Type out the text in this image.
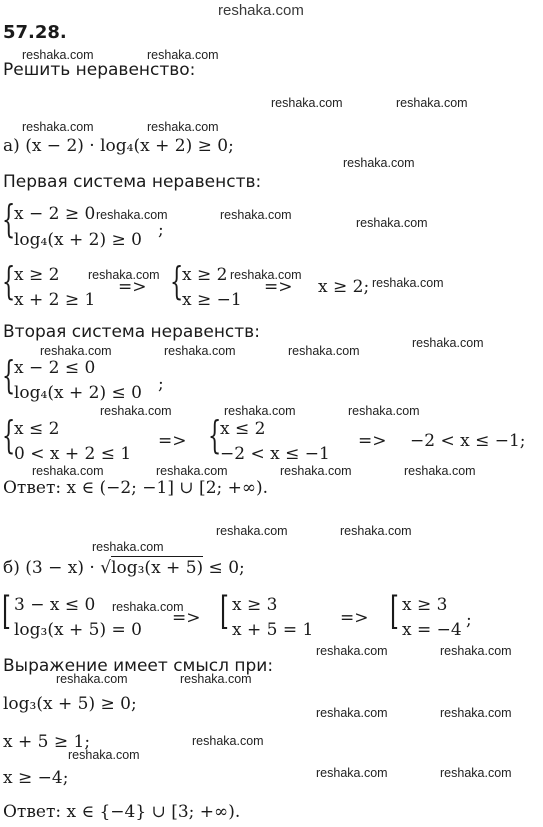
reshaka.com
57.28.
Решить неравенство:
а) (x − 2) · log₄(x + 2) ≥ 0;
Первая система неравенств:
{
x − 2 ≥ 0
log₄(x + 2) ≥ 0 ;
{
x ≥ 2
x + 2 ≥ 1
=> {
x ≥ 2
x ≥ −1
=> x ≥ 2;
Вторая система неравенств:
{
x − 2 ≤ 0
log₄(x + 2) ≤ 0 ;
{
x ≤ 2
0 < x + 2 ≤ 1
=> {
x ≤ 2
−2 < x ≤ −1
=> −2 < x ≤ −1;
Ответ: x ∈ (−2; −1] ∪ [2; +∞).
б) (3 − x) · √log₃(x + 5) ≤ 0;
[ 3 − x ≤ 0
log₃(x + 5) = 0
=> [ x ≥ 3
x + 5 = 1
=> [ x ≥ 3
x = −4 ;
Выражение имеет смысл при:
log₃(x + 5) ≥ 0;
x + 5 ≥ 1;
x ≥ −4;
Ответ: x ∈ {−4} ∪ [3; +∞).
reshaka.com	reshaka.com
reshaka.com	reshaka.com
reshaka.com	reshaka.com
reshaka.com
reshaka.com	reshaka.com
reshaka.com
reshaka.com	reshaka.com
reshaka.com
reshaka.com
reshaka.com	reshaka.com	reshaka.com
reshaka.com	reshaka.com	reshaka.com
reshaka.com	reshaka.com	reshaka.com	reshaka.com
reshaka.com	reshaka.com
reshaka.com
reshaka.com
reshaka.com	reshaka.com
reshaka.com	reshaka.com
reshaka.com	reshaka.com
reshaka.com
reshaka.com
reshaka.com	reshaka.com
